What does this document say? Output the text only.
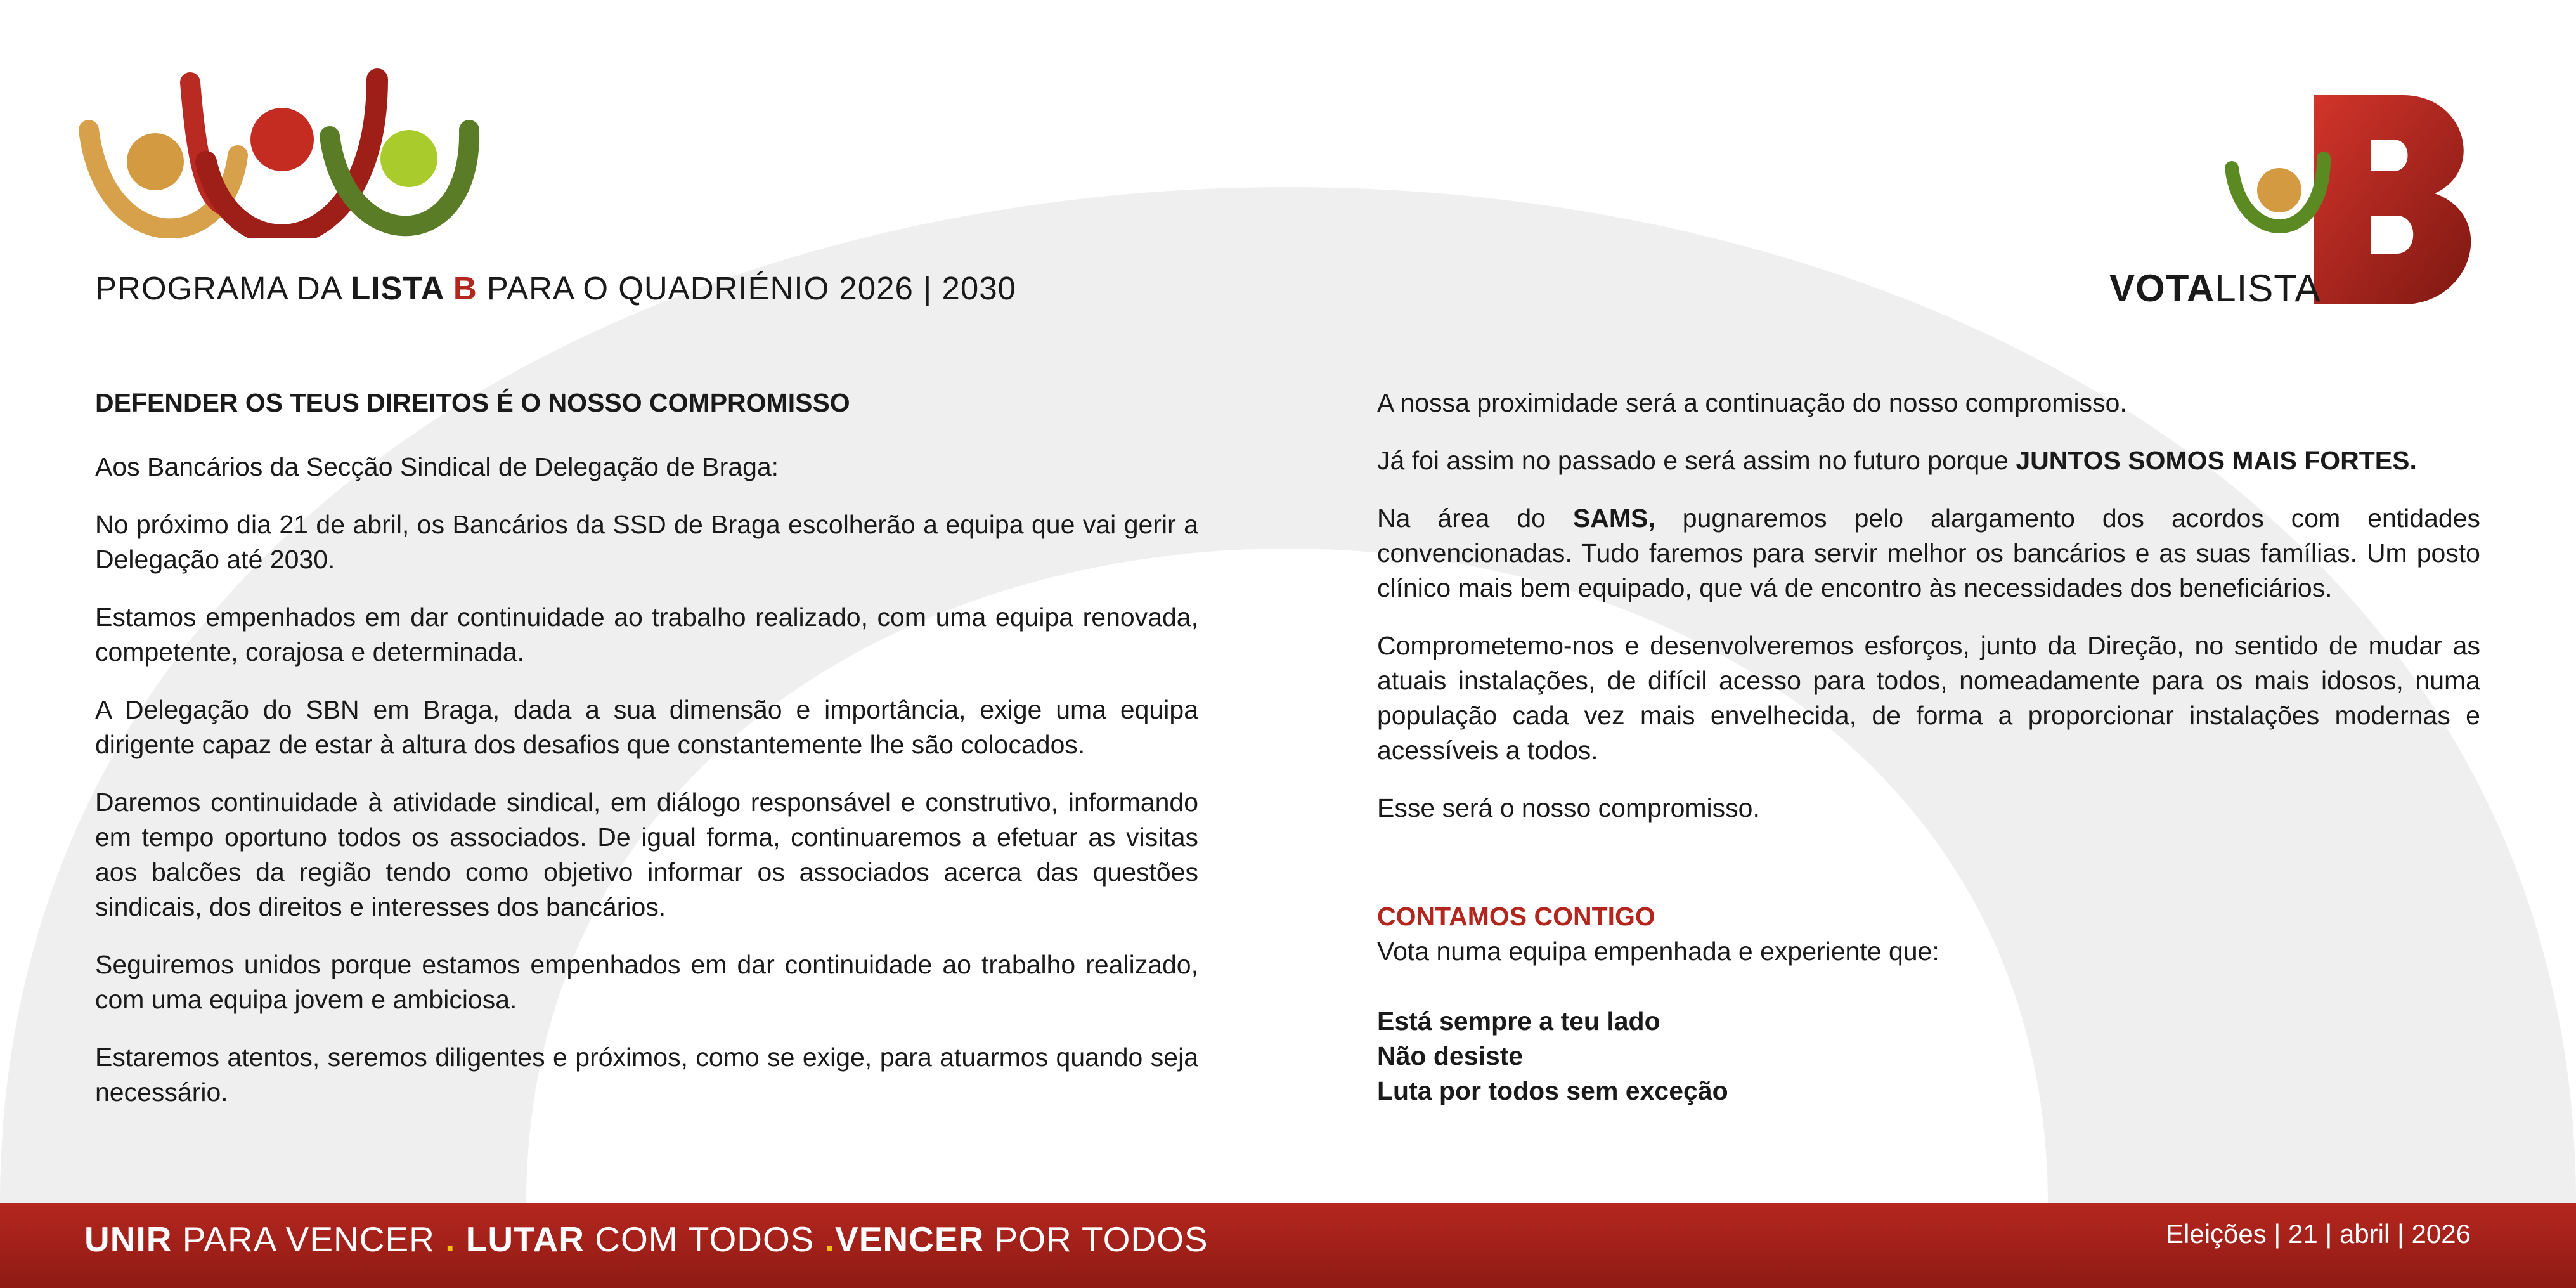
PROGRAMA DA LISTA B PARA O QUADRIÉNIO 2026 | 2030	VOTALISTA

DEFENDER OS TEUS DIREITOS É O NOSSO COMPROMISSO

Aos Bancários da Secção Sindical de Delegação de Braga:

No próximo dia 21 de abril, os Bancários da SSD de Braga escolherão a equipa que vai gerir a Delegação até 2030.

Estamos empenhados em dar continuidade ao trabalho realizado, com uma equipa renovada, competente, corajosa e determinada.

A Delegação do SBN em Braga, dada a sua dimensão e importância, exige uma equipa dirigente capaz de estar à altura dos desafios que constantemente lhe são colocados.

Daremos continuidade à atividade sindical, em diálogo responsável e construtivo, informando em tempo oportuno todos os associados. De igual forma, continuaremos a efetuar as visitas aos balcões da região tendo como objetivo informar os associados acerca das questões sindicais, dos direitos e interesses dos bancários.

Seguiremos unidos porque estamos empenhados em dar continuidade ao trabalho realizado, com uma equipa jovem e ambiciosa.

Estaremos atentos, seremos diligentes e próximos, como se exige, para atuarmos quando seja necessário.

A nossa proximidade será a continuação do nosso compromisso.

Já foi assim no passado e será assim no futuro porque JUNTOS SOMOS MAIS FORTES.

Na área do SAMS, pugnaremos pelo alargamento dos acordos com entidades convencionadas. Tudo faremos para servir melhor os bancários e as suas famílias. Um posto clínico mais bem equipado, que vá de encontro às necessidades dos beneficiários.

Comprometemo-nos e desenvolveremos esforços, junto da Direção, no sentido de mudar as atuais instalações, de difícil acesso para todos, nomeadamente para os mais idosos, numa população cada vez mais envelhecida, de forma a proporcionar instalações modernas e acessíveis a todos.

Esse será o nosso compromisso.

CONTAMOS CONTIGO
Vota numa equipa empenhada e experiente que:
Está sempre a teu lado
Não desiste
Luta por todos sem exceção
UNIR PARA VENCER . LUTAR COM TODOS .VENCER POR TODOS	Eleições | 21 | abril | 2026
